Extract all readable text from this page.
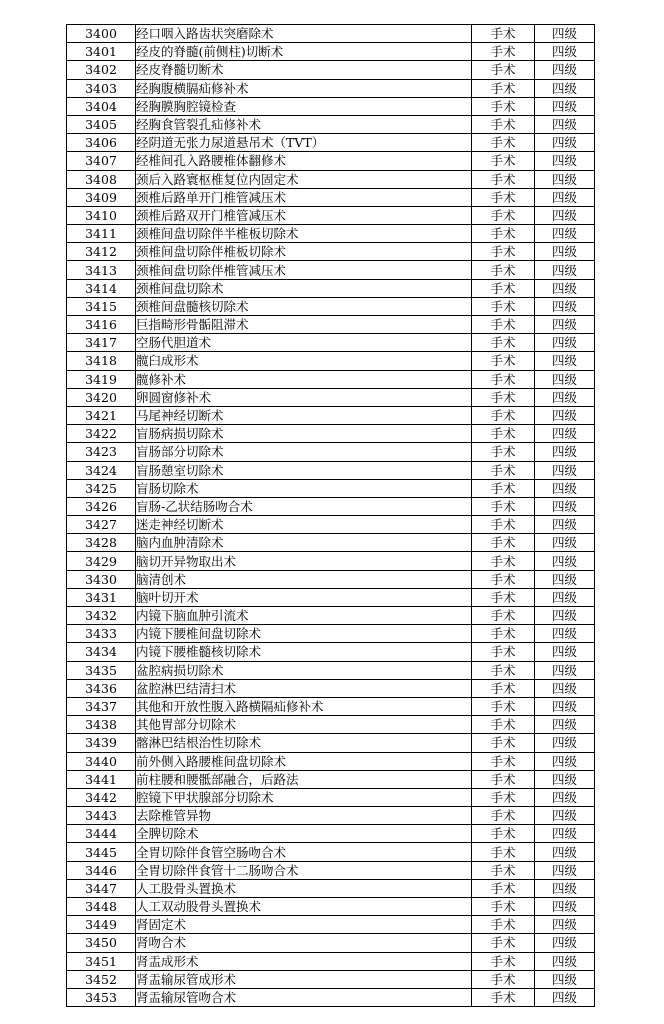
3400	经口咽入路齿状突磨除术	手术	四级
3401	经皮的脊髓(前侧柱)切断术	手术	四级
3402	经皮脊髓切断术	手术	四级
3403	经胸腹横膈疝修补术	手术	四级
3404	经胸膜胸腔镜检查	手术	四级
3405	经胸食管裂孔疝修补术	手术	四级
3406	经阴道无张力尿道悬吊术（TVT）	手术	四级
3407	经椎间孔入路腰椎体翻修术	手术	四级
3408	颈后入路寰枢椎复位内固定术	手术	四级
3409	颈椎后路单开门椎管减压术	手术	四级
3410	颈椎后路双开门椎管减压术	手术	四级
3411	颈椎间盘切除伴半椎板切除术	手术	四级
3412	颈椎间盘切除伴椎板切除术	手术	四级
3413	颈椎间盘切除伴椎管减压术	手术	四级
3414	颈椎间盘切除术	手术	四级
3415	颈椎间盘髓核切除术	手术	四级
3416	巨指畸形骨骺阻滞术	手术	四级
3417	空肠代胆道术	手术	四级
3418	髋臼成形术	手术	四级
3419	髋修补术	手术	四级
3420	卵圆窗修补术	手术	四级
3421	马尾神经切断术	手术	四级
3422	盲肠病损切除术	手术	四级
3423	盲肠部分切除术	手术	四级
3424	盲肠憩室切除术	手术	四级
3425	盲肠切除术	手术	四级
3426	盲肠-乙状结肠吻合术	手术	四级
3427	迷走神经切断术	手术	四级
3428	脑内血肿清除术	手术	四级
3429	脑切开异物取出术	手术	四级
3430	脑清创术	手术	四级
3431	脑叶切开术	手术	四级
3432	内镜下脑血肿引流术	手术	四级
3433	内镜下腰椎间盘切除术	手术	四级
3434	内镜下腰椎髓核切除术	手术	四级
3435	盆腔病损切除术	手术	四级
3436	盆腔淋巴结清扫术	手术	四级
3437	其他和开放性腹入路横隔疝修补术	手术	四级
3438	其他胃部分切除术	手术	四级
3439	髂淋巴结根治性切除术	手术	四级
3440	前外侧入路腰椎间盘切除术	手术	四级
3441	前柱腰和腰骶部融合，后路法	手术	四级
3442	腔镜下甲状腺部分切除术	手术	四级
3443	去除椎管异物	手术	四级
3444	全脾切除术	手术	四级
3445	全胃切除伴食管空肠吻合术	手术	四级
3446	全胃切除伴食管十二肠吻合术	手术	四级
3447	人工股骨头置换术	手术	四级
3448	人工双动股骨头置换术	手术	四级
3449	肾固定术	手术	四级
3450	肾吻合术	手术	四级
3451	肾盂成形术	手术	四级
3452	肾盂输尿管成形术	手术	四级
3453	肾盂输尿管吻合术	手术	四级
